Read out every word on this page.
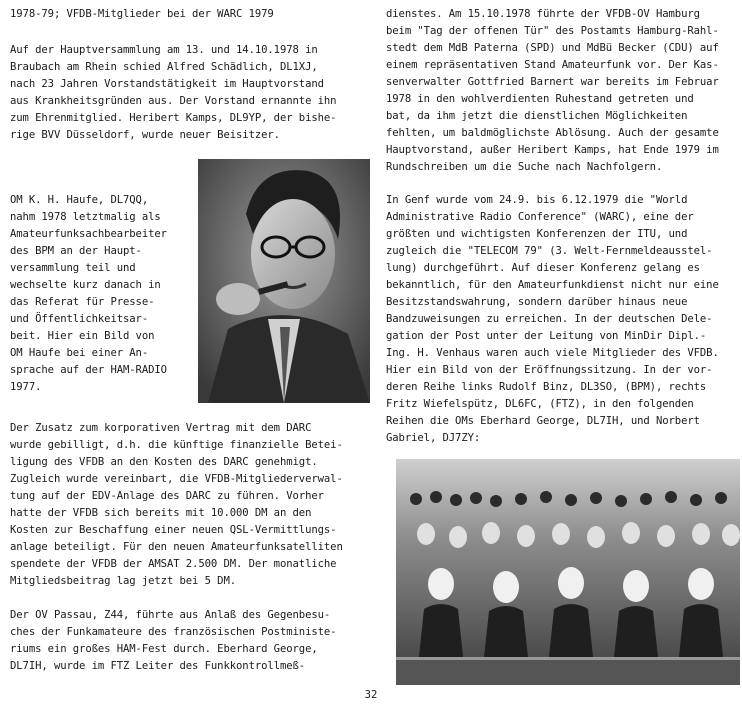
1978-79; VFDB-Mitglieder bei der WARC 1979
Auf der Hauptversammlung am 13. und 14.10.1978 in
Braubach am Rhein schied Alfred Schädlich, DL1XJ,
nach 23 Jahren Vorstandstätigkeit im Hauptvorstand
aus Krankheitsgründen aus. Der Vorstand ernannte ihn
zum Ehrenmitglied. Heribert Kamps, DL9YP, der bishe-
rige BVV Düsseldorf, wurde neuer Beisitzer.
OM K. H. Haufe, DL7QQ,
nahm 1978 letztmalig als
Amateurfunksachbearbeiter
des BPM an der Haupt-
versammlung teil und
wechselte kurz danach in
das Referat für Presse-
und Öffentlichkeitsar-
beit. Hier ein Bild von
OM Haufe bei einer An-
sprache auf der HAM-RADIO
1977.
Der Zusatz zum korporativen Vertrag mit dem DARC
wurde gebilligt, d.h. die künftige finanzielle Betei-
ligung des VFDB an den Kosten des DARC genehmigt.
Zugleich wurde vereinbart, die VFDB-Mitgliederverwal-
tung auf der EDV-Anlage des DARC zu führen. Vorher
hatte der VFDB sich bereits mit 10.000 DM an den
Kosten zur Beschaffung einer neuen QSL-Vermittlungs-
anlage beteiligt. Für den neuen Amateurfunksatelliten
spendete der VFDB der AMSAT 2.500 DM. Der monatliche
Mitgliedsbeitrag lag jetzt bei 5 DM.
Der OV Passau, Z44, führte aus Anlaß des Gegenbesu-
ches der Funkamateure des französischen Postministe-
riums ein großes HAM-Fest durch. Eberhard George,
DL7IH, wurde im FTZ Leiter des Funkkontrollmeß-
dienstes. Am 15.10.1978 führte der VFDB-OV Hamburg
beim "Tag der offenen Tür" des Postamts Hamburg-Rahl-
stedt dem MdB Paterna (SPD) und MdBü Becker (CDU) auf
einem repräsentativen Stand Amateurfunk vor. Der Kas-
senverwalter Gottfried Barnert war bereits im Februar
1978 in den wohlverdienten Ruhestand getreten und
bat, da ihm jetzt die dienstlichen Möglichkeiten
fehlten, um baldmöglichste Ablösung. Auch der gesamte
Hauptvorstand, außer Heribert Kamps, hat Ende 1979 im
Rundschreiben um die Suche nach Nachfolgern.
In Genf wurde vom 24.9. bis 6.12.1979 die "World
Administrative Radio Conference" (WARC), eine der
größten und wichtigsten Konferenzen der ITU, und
zugleich die "TELECOM 79" (3. Welt-Fernmeldeausstel-
lung) durchgeführt. Auf dieser Konferenz gelang es
bekanntlich, für den Amateurfunkdienst nicht nur eine
Besitzstandswahrung, sondern darüber hinaus neue
Bandzuweisungen zu erreichen. In der deutschen Dele-
gation der Post unter der Leitung von MinDir Dipl.-
Ing. H. Venhaus waren auch viele Mitglieder des VFDB.
Hier ein Bild von der Eröffnungssitzung. In der vor-
deren Reihe links Rudolf Binz, DL3SO, (BPM), rechts
Fritz Wiefelspütz, DL6FC, (FTZ), in den folgenden
Reihen die OMs Eberhard George, DL7IH, und Norbert
Gabriel, DJ7ZY:
32
